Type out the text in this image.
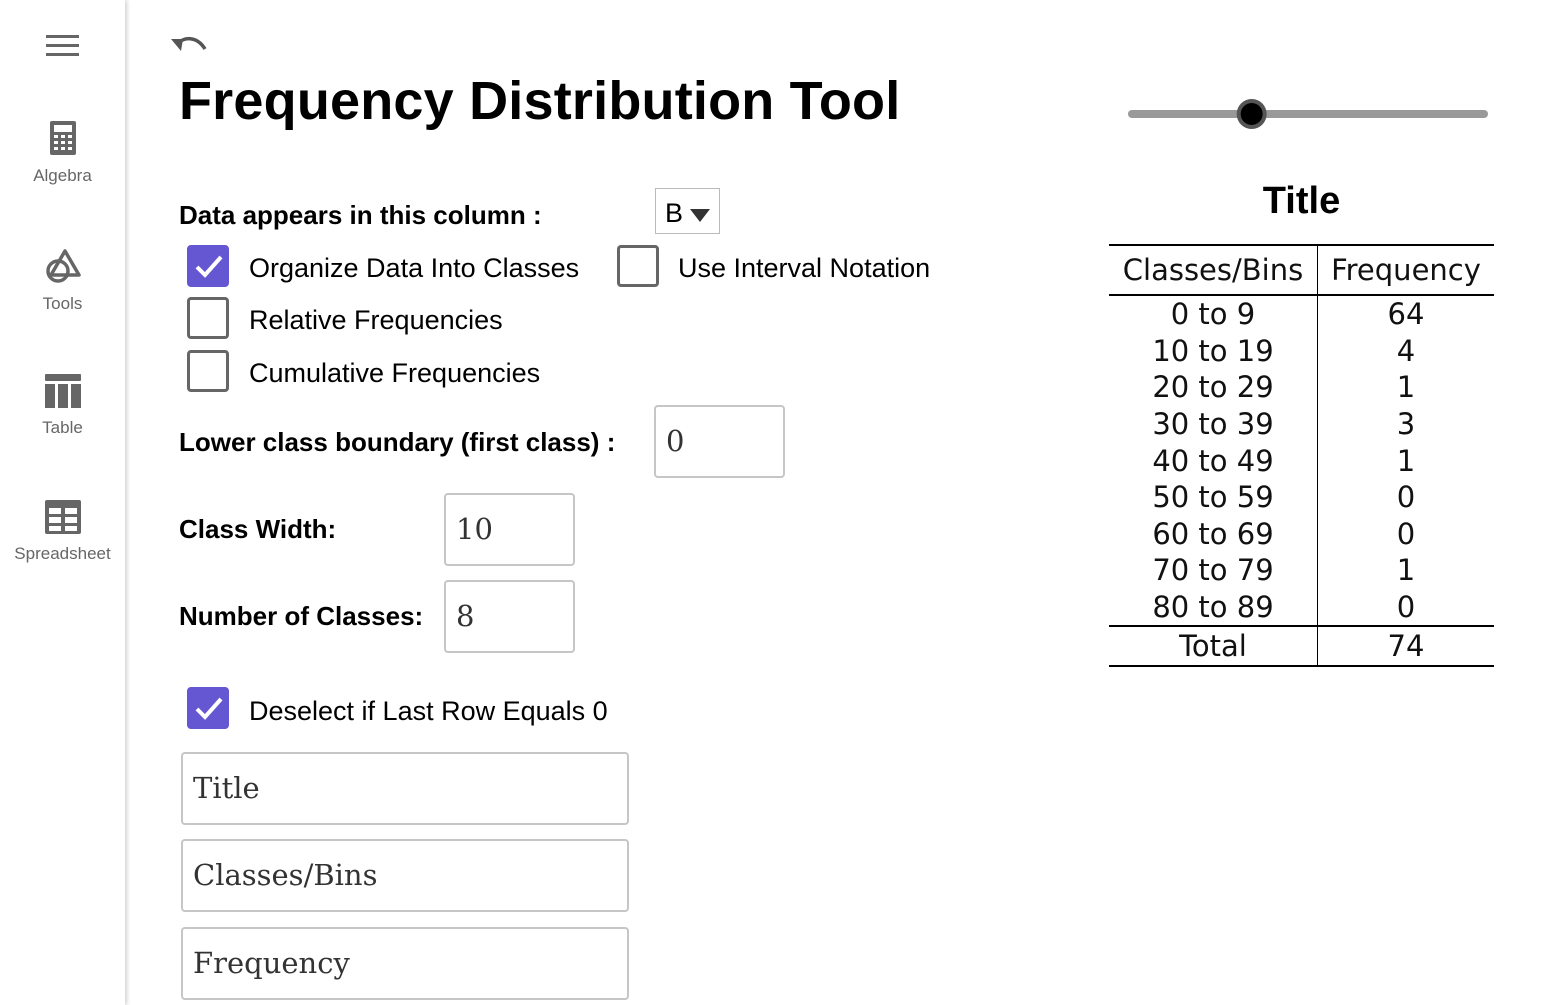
Algebra
Tools
Table
Spreadsheet
Frequency Distribution Tool
Data appears in this column :	B
Organize Data Into Classes	Use Interval Notation
Relative Frequencies
Cumulative Frequencies
Lower class boundary (first class) :	0
Class Width:	10
Number of Classes:	8
Deselect if Last Row Equals 0
Title
Classes/Bins
Frequency
Title
Classes/Bins	Frequency
0 to 9	64
10 to 19	4
20 to 29	1
30 to 39	3
40 to 49	1
50 to 59	0
60 to 69	0
70 to 79	1
80 to 89	0
Total	74
